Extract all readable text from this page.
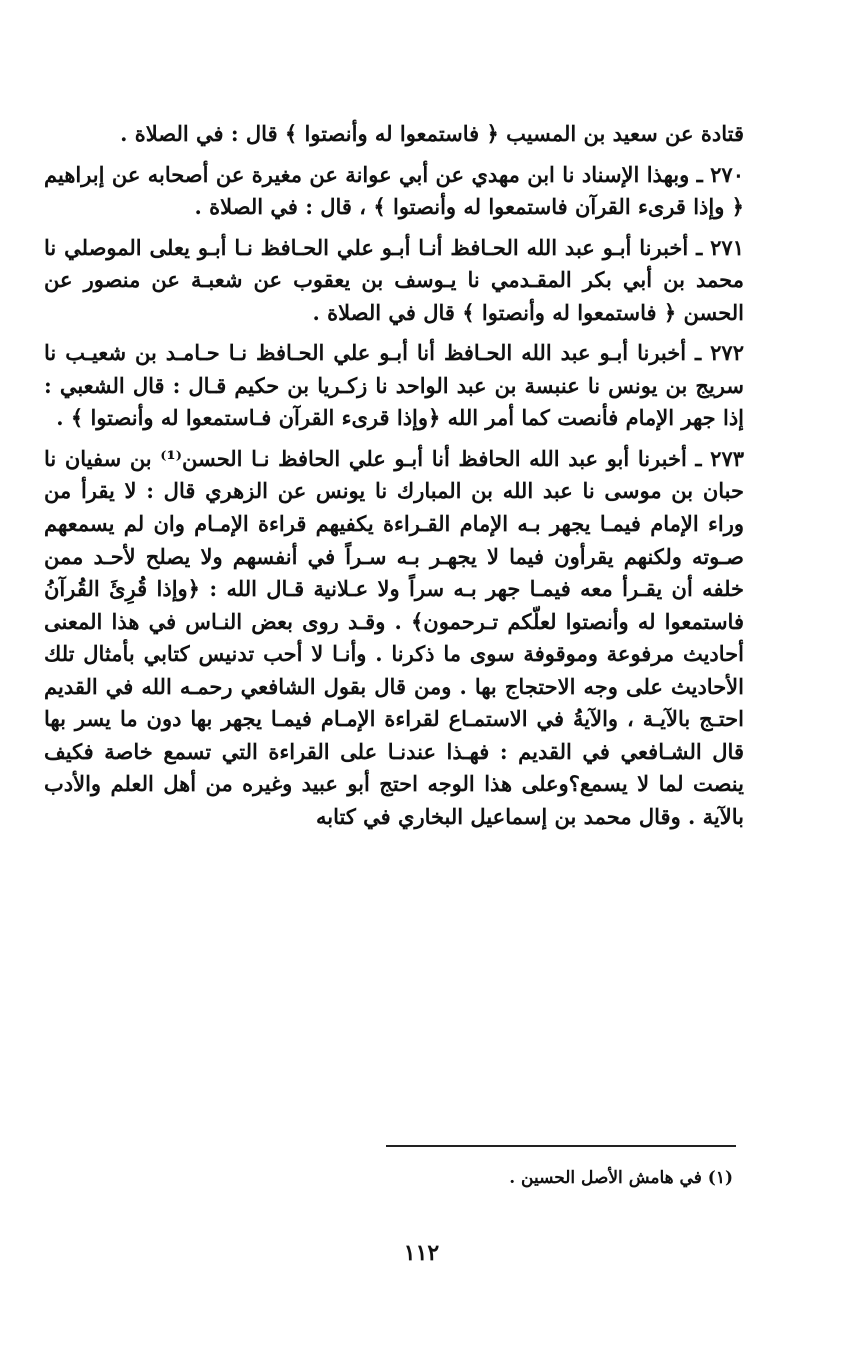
قتادة عن سعيد بن المسيب ﴿ فاستمعوا له وأنصتوا ﴾ قال : في الصلاة .

٢٧٠ ـ وبهذا الإسناد نا ابن مهدي عن أبي عوانة عن مغيرة عن أصحابه عن إبراهيم ﴿ وإذا قرىء القرآن فاستمعوا له وأنصتوا ﴾ ، قال : في الصلاة .

٢٧١ ـ أخبرنا أبـو عبد الله الحـافظ أنـا أبـو علي الحـافظ نـا أبـو يعلى الموصلي نا محمد بن أبي بكر المقـدمي نا يـوسف بن يعقوب عن شعبـة عن منصور عن الحسن ﴿ فاستمعوا له وأنصتوا ﴾ قال في الصلاة .

٢٧٢ ـ أخبرنا أبـو عبد الله الحـافظ أنا أبـو علي الحـافظ نـا حـامـد بن شعيـب نا سريج بن يونس نا عنبسة بن عبد الواحد نا زكـريا بن حكيم قـال : قال الشعبي : إذا جهر الإمام فأنصت كما أمر الله ﴿وإذا قرىء القرآن فـاستمعوا له وأنصتوا ﴾ .

٢٧٣ ـ أخبرنا أبو عبد الله الحافظ أنا أبـو علي الحافظ نـا الحسن⁽¹⁾ بن سفيان نا حبان بن موسى نا عبد الله بن المبارك نا يونس عن الزهري قال : لا يقرأ من وراء الإمام فيمـا يجهر بـه الإمام القـراءة يكفيهم قراءة الإمـام وان لم يسمعهم صـوته ولكنهم يقرأون فيما لا يجهـر بـه سـراً في أنفسهم ولا يصلح لأحـد ممن خلفه أن يقـرأ معه فيمـا جهر بـه سراً ولا عـلانية قـال الله : ﴿وإذا قُرِئَ القُرآنُ فاستمعوا له وأنصتوا لعلّكم تـرحمون﴾ . وقـد روى بعض النـاس في هذا المعنى أحاديث مرفوعة وموقوفة سوى ما ذكرنا . وأنـا لا أحب تدنيس كتابي بأمثال تلك الأحاديث على وجه الاحتجاج بها . ومن قال بقول الشافعي رحمـه الله في القديم احتـج بالآيـة ، والآيةُ في الاستمـاع لقراءة الإمـام فيمـا يجهر بها دون ما يسر بها قال الشـافعي في القديم : فهـذا عندنـا على القراءة التي تسمع خاصة فكيف ينصت لما لا يسمع؟وعلى هذا الوجه احتج أبو عبيد وغيره من أهل العلم والأدب بالآية . وقال محمد بن إسماعيل البخاري في كتابه

(١) في هامش الأصل الحسين .
١١٢
